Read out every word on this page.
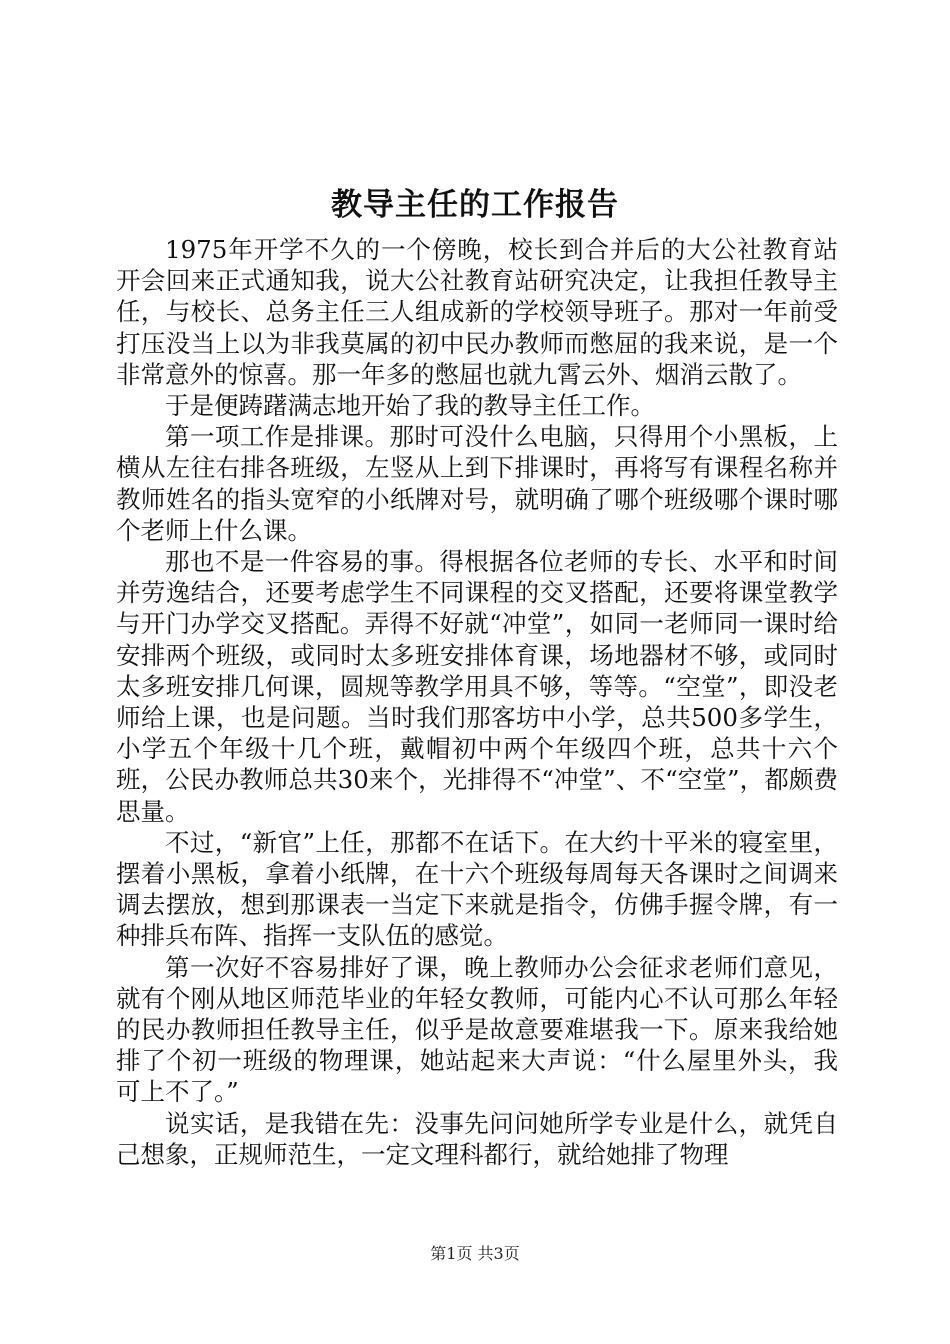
教导主任的工作报告

1975年开学不久的一个傍晚，校长到合并后的大公社教育站开会回来正式通知我，说大公社教育站研究决定，让我担任教导主任，与校长、总务主任三人组成新的学校领导班子。那对一年前受打压没当上以为非我莫属的初中民办教师而憋屈的我来说，是一个非常意外的惊喜。那一年多的憋屈也就九霄云外、烟消云散了。

于是便踌躇满志地开始了我的教导主任工作。

第一项工作是排课。那时可没什么电脑，只得用个小黑板，上横从左往右排各班级，左竖从上到下排课时，再将写有课程名称并教师姓名的指头宽窄的小纸牌对号，就明确了哪个班级哪个课时哪个老师上什么课。

那也不是一件容易的事。得根据各位老师的专长、水平和时间并劳逸结合，还要考虑学生不同课程的交叉搭配，还要将课堂教学与开门办学交叉搭配。弄得不好就“冲堂”，如同一老师同一课时给安排两个班级，或同时太多班安排体育课，场地器材不够，或同时太多班安排几何课，圆规等教学用具不够，等等。“空堂”，即没老师给上课，也是问题。当时我们那客坊中小学，总共500多学生，小学五个年级十几个班，戴帽初中两个年级四个班，总共十六个班，公民办教师总共30来个，光排得不“冲堂”、不“空堂”，都颇费思量。

不过，“新官”上任，那都不在话下。在大约十平米的寝室里，摆着小黑板，拿着小纸牌，在十六个班级每周每天各课时之间调来调去摆放，想到那课表一当定下来就是指令，仿佛手握令牌，有一种排兵布阵、指挥一支队伍的感觉。

第一次好不容易排好了课，晚上教师办公会征求老师们意见，就有个刚从地区师范毕业的年轻女教师，可能内心不认可那么年轻的民办教师担任教导主任，似乎是故意要难堪我一下。原来我给她排了个初一班级的物理课，她站起来大声说：“什么屋里外头，我可上不了。”

说实话，是我错在先：没事先问问她所学专业是什么，就凭自己想象，正规师范生，一定文理科都行，就给她排了物理

第1页 共3页
